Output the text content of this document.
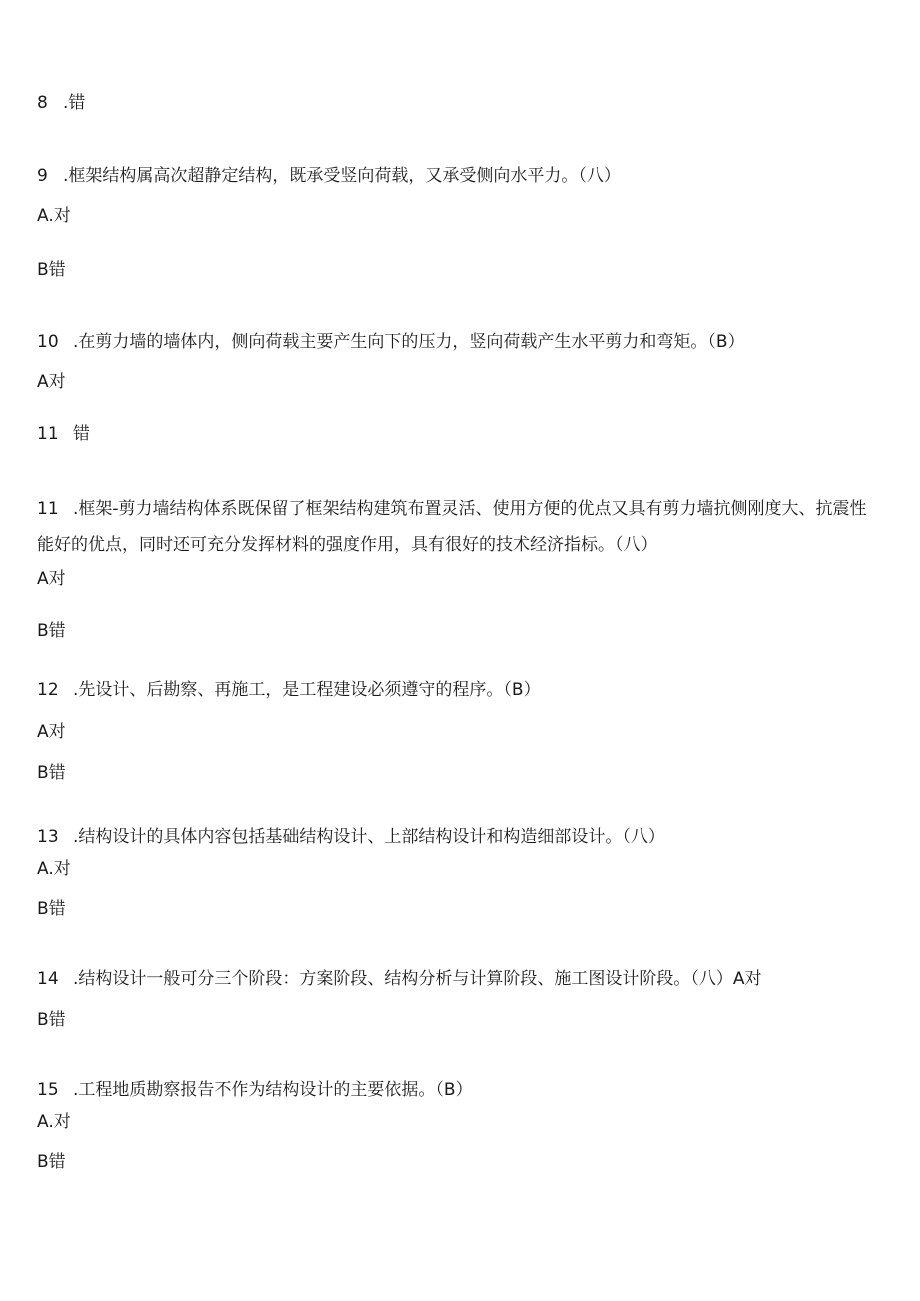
8 .错
9 .框架结构属高次超静定结构，既承受竖向荷载，又承受侧向水平力。（八）
A.对
B错
10 .在剪力墙的墙体内，侧向荷载主要产生向下的压力，竖向荷载产生水平剪力和弯矩。（B）
A对
11 错
11 .框架-剪力墙结构体系既保留了框架结构建筑布置灵活、使用方便的优点又具有剪力墙抗侧刚度大、抗震性能好的优点，同时还可充分发挥材料的强度作用，具有很好的技术经济指标。（八）
A对
B错
12 .先设计、后勘察、再施工，是工程建设必须遵守的程序。（B）
A对
B错
13 .结构设计的具体内容包括基础结构设计、上部结构设计和构造细部设计。（八）
A.对
B错
14 .结构设计一般可分三个阶段：方案阶段、结构分析与计算阶段、施工图设计阶段。（八）A对
B错
15 .工程地质勘察报告不作为结构设计的主要依据。（B）
A.对
B错
